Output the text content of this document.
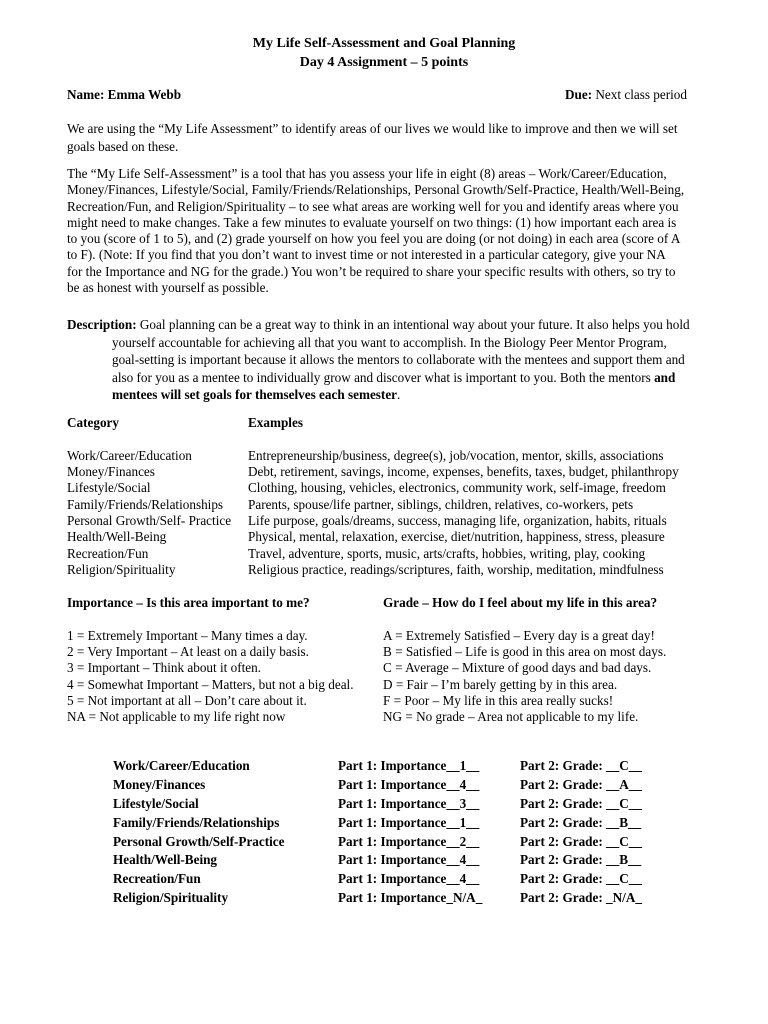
My Life Self-Assessment and Goal Planning
Day 4 Assignment – 5 points
Name: Emma Webb	Due: Next class period
We are using the “My Life Assessment” to identify areas of our lives we would like to improve and then we will set goals based on these.
The “My Life Self-Assessment” is a tool that has you assess your life in eight (8) areas – Work/Career/Education,
Money/Finances, Lifestyle/Social, Family/Friends/Relationships, Personal Growth/Self-Practice, Health/Well-Being,
Recreation/Fun, and Religion/Spirituality – to see what areas are working well for you and identify areas where you
might need to make changes. Take a few minutes to evaluate yourself on two things: (1) how important each area is
to you (score of 1 to 5), and (2) grade yourself on how you feel you are doing (or not doing) in each area (score of A
to F). (Note: If you find that you don’t want to invest time or not interested in a particular category, give your NA
for the Importance and NG for the grade.) You won’t be required to share your specific results with others, so try to
be as honest with yourself as possible.
Description: Goal planning can be a great way to think in an intentional way about your future. It also helps you hold
yourself accountable for achieving all that you want to accomplish. In the Biology Peer Mentor Program,
goal-setting is important because it allows the mentors to collaborate with the mentees and support them and
also for you as a mentee to individually grow and discover what is important to you. Both the mentors and
mentees will set goals for themselves each semester.
Category	Examples
Work/Career/Education	Entrepreneurship/business, degree(s), job/vocation, mentor, skills, associations
Money/Finances	Debt, retirement, savings, income, expenses, benefits, taxes, budget, philanthropy
Lifestyle/Social	Clothing, housing, vehicles, electronics, community work, self-image, freedom
Family/Friends/Relationships Parents, spouse/life partner, siblings, children, relatives, co-workers, pets
Personal Growth/Self- Practice Life purpose, goals/dreams, success, managing life, organization, habits, rituals
Health/Well-Being	Physical, mental, relaxation, exercise, diet/nutrition, happiness, stress, pleasure
Recreation/Fun	Travel, adventure, sports, music, arts/crafts, hobbies, writing, play, cooking
Religion/Spirituality	Religious practice, readings/scriptures, faith, worship, meditation, mindfulness
Importance – Is this area important to me?	Grade – How do I feel about my life in this area?
1 = Extremely Important – Many times a day.	A = Extremely Satisfied – Every day is a great day!
2 = Very Important – At least on a daily basis.	B = Satisfied – Life is good in this area on most days.
3 = Important – Think about it often.	C = Average – Mixture of good days and bad days.
4 = Somewhat Important – Matters, but not a big deal. D = Fair – I’m barely getting by in this area.
5 = Not important at all – Don’t care about it.	F = Poor – My life in this area really sucks!
NA = Not applicable to my life right now	NG = No grade – Area not applicable to my life.
Work/Career/Education	Part 1: Importance__1__	Part 2: Grade: __C__
Money/Finances	Part 1: Importance__4__	Part 2: Grade: __A__
Lifestyle/Social	Part 1: Importance__3__	Part 2: Grade: __C__
Family/Friends/Relationships	Part 1: Importance__1__	Part 2: Grade: __B__
Personal Growth/Self-Practice	Part 1: Importance__2__	Part 2: Grade: __C__
Health/Well-Being	Part 1: Importance__4__	Part 2: Grade: __B__
Recreation/Fun	Part 1: Importance__4__	Part 2: Grade: __C__
Religion/Spirituality	Part 1: Importance_N/A_	Part 2: Grade: _N/A_
